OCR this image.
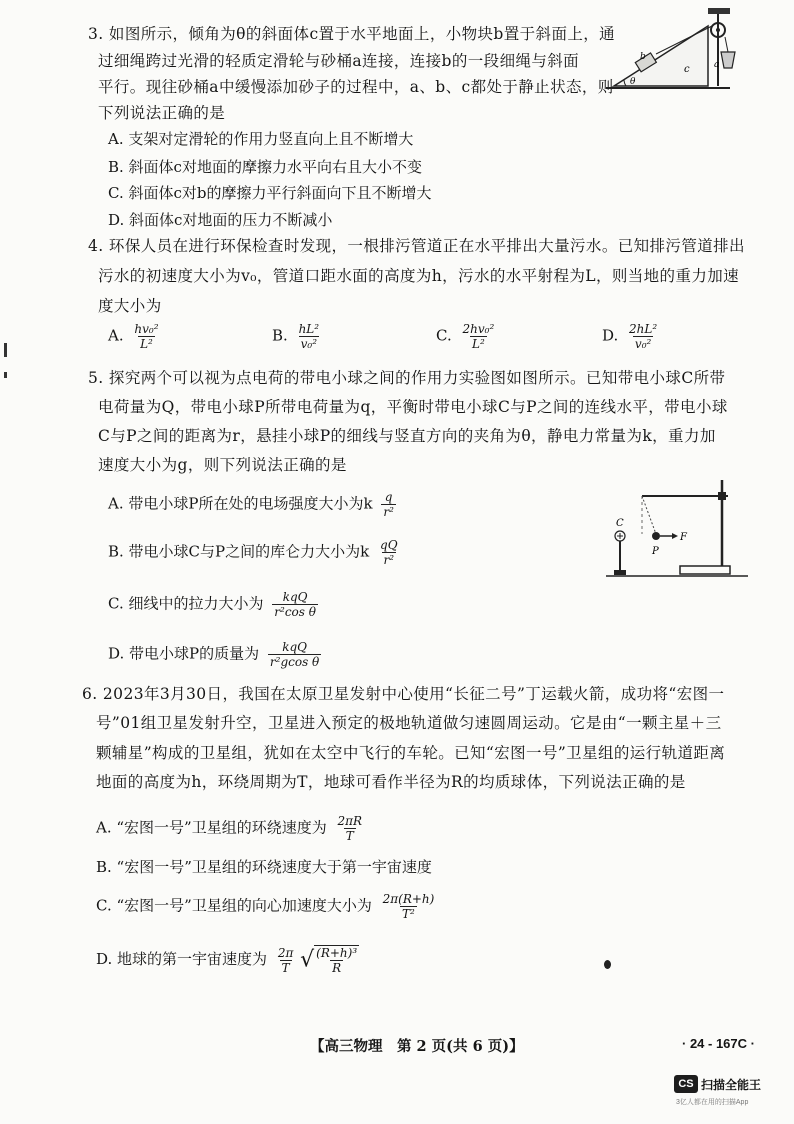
3. 如图所示，倾角为θ的斜面体c置于水平地面上，小物块b置于斜面上，通
过细绳跨过光滑的轻质定滑轮与砂桶a连接，连接b的一段细绳与斜面
平行。现往砂桶a中缓慢添加砂子的过程中，a、b、c都处于静止状态，则
下列说法正确的是
A. 支架对定滑轮的作用力竖直向上且不断增大
B. 斜面体c对地面的摩擦力水平向右且大小不变
C. 斜面体c对b的摩擦力平行斜面向下且不断增大
D. 斜面体c对地面的压力不断减小
b
c	a
θ
4. 环保人员在进行环保检查时发现，一根排污管道正在水平排出大量污水。已知排污管道排出
污水的初速度大小为v₀，管道口距水面的高度为h，污水的水平射程为L，则当地的重力加速
度大小为
A. $\frac{\text{hv₀²}}{\text{L²}}$	B. $\frac{\text{hL²}}{\text{v₀²}}$	C. $\frac{\text{2hv₀²}}{\text{L²}}$	D. $\frac{\text{2hL²}}{\text{v₀²}}$
5. 探究两个可以视为点电荷的带电小球之间的作用力实验图如图所示。已知带电小球C所带
电荷量为Q，带电小球P所带电荷量为q，平衡时带电小球C与P之间的连线水平，带电小球
C与P之间的距离为r，悬挂小球P的细线与竖直方向的夹角为θ，静电力常量为k，重力加
速度大小为g，则下列说法正确的是
A. 带电小球P所在处的电场强度大小为k $\frac{q}{\text{r²}}$
B. 带电小球C与P之间的库仑力大小为k $\frac{qQ}{\text{r²}}$
C. 细线中的拉力大小为 $\frac{\text{kqQ}}{\text{r²cos θ}}$
D. 带电小球P的质量为 $\frac{\text{kqQ}}{\text{r²gcos θ}}$
C
P
F
6. 2023年3月30日，我国在太原卫星发射中心使用“长征二号”丁运载火箭，成功将“宏图一
号”01组卫星发射升空，卫星进入预定的极地轨道做匀速圆周运动。它是由“一颗主星＋三
颗辅星”构成的卫星组，犹如在太空中飞行的车轮。已知“宏图一号”卫星组的运行轨道距离
地面的高度为h，环绕周期为T，地球可看作半径为R的均质球体，下列说法正确的是
A. “宏图一号”卫星组的环绕速度为 $\frac{2\pi R}{T}$
B. “宏图一号”卫星组的环绕速度大于第一宇宙速度
C. “宏图一号”卫星组的向心加速度大小为 $\frac{2\pi(R+h)}{\text{T²}}$
D. 地球的第一宇宙速度为 $\frac{2\pi}{T}$ √ $\frac{\text{(R+h)³}}{R}$
【高三物理　第 2 页(共 6 页)】	· 24 - 167C ·
CS 扫描全能王
3亿人都在用的扫描App
